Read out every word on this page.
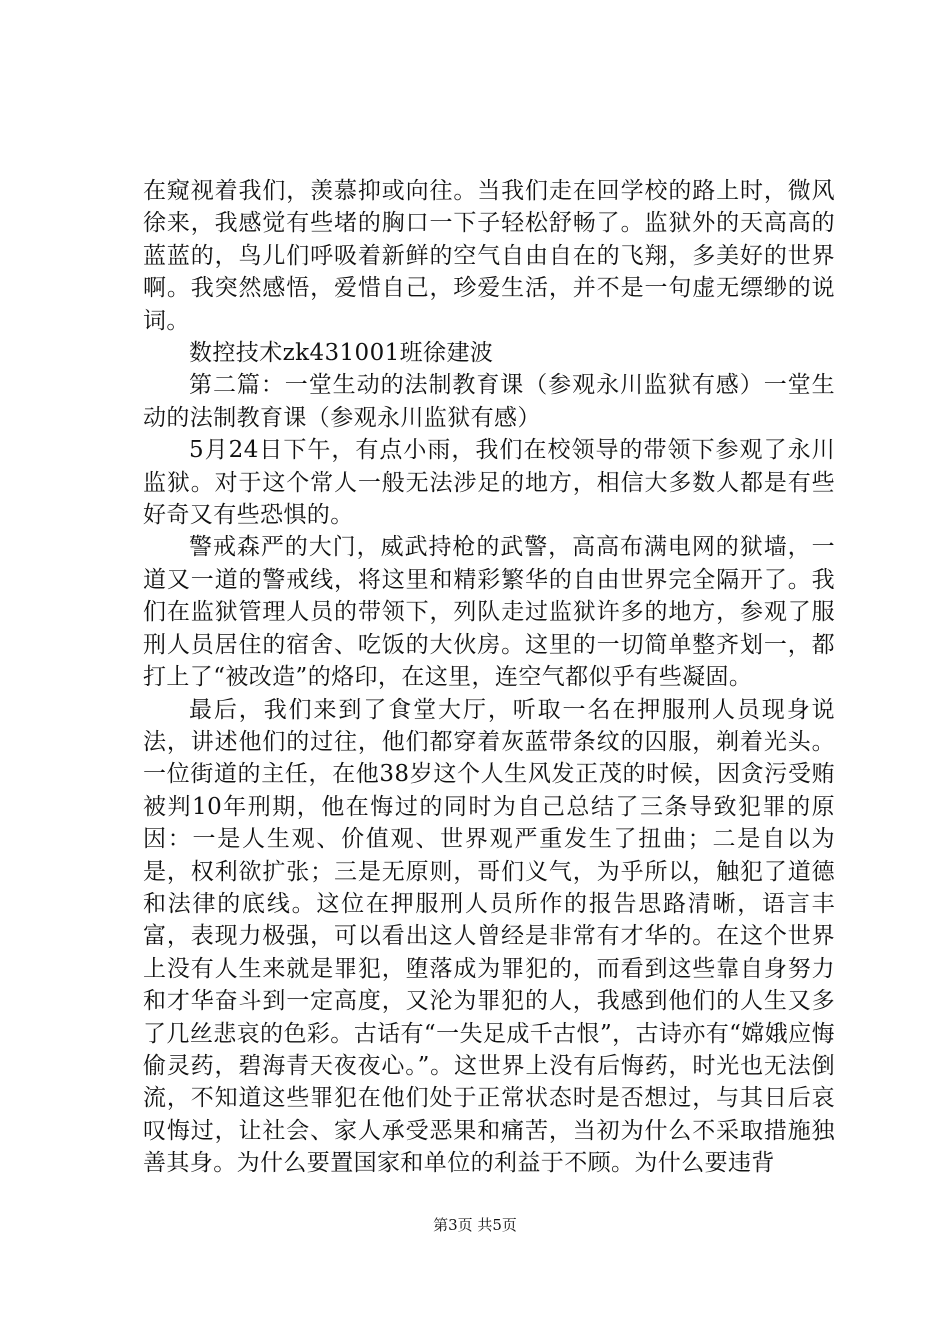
在窥视着我们，羡慕抑或向往。当我们走在回学校的路上时，微风徐来，我感觉有些堵的胸口一下子轻松舒畅了。监狱外的天高高的蓝蓝的，鸟儿们呼吸着新鲜的空气自由自在的飞翔，多美好的世界啊。我突然感悟，爱惜自己，珍爱生活，并不是一句虚无缥缈的说词。

数控技术zk431001班徐建波

第二篇：一堂生动的法制教育课（参观永川监狱有感）一堂生动的法制教育课（参观永川监狱有感）

5月24日下午，有点小雨，我们在校领导的带领下参观了永川监狱。对于这个常人一般无法涉足的地方，相信大多数人都是有些好奇又有些恐惧的。

警戒森严的大门，威武持枪的武警，高高布满电网的狱墙，一道又一道的警戒线，将这里和精彩繁华的自由世界完全隔开了。我们在监狱管理人员的带领下，列队走过监狱许多的地方，参观了服刑人员居住的宿舍、吃饭的大伙房。这里的一切简单整齐划一，都打上了“被改造”的烙印，在这里，连空气都似乎有些凝固。

最后，我们来到了食堂大厅，听取一名在押服刑人员现身说法，讲述他们的过往，他们都穿着灰蓝带条纹的囚服，剃着光头。一位街道的主任，在他38岁这个人生风发正茂的时候，因贪污受贿被判10年刑期，他在悔过的同时为自己总结了三条导致犯罪的原因：一是人生观、价值观、世界观严重发生了扭曲；二是自以为是，权利欲扩张；三是无原则，哥们义气，为乎所以，触犯了道德和法律的底线。这位在押服刑人员所作的报告思路清晰，语言丰富，表现力极强，可以看出这人曾经是非常有才华的。在这个世界上没有人生来就是罪犯，堕落成为罪犯的，而看到这些靠自身努力和才华奋斗到一定高度，又沦为罪犯的人，我感到他们的人生又多了几丝悲哀的色彩。古话有“一失足成千古恨”，古诗亦有“嫦娥应悔偷灵药，碧海青天夜夜心。”。这世界上没有后悔药，时光也无法倒流，不知道这些罪犯在他们处于正常状态时是否想过，与其日后哀叹悔过，让社会、家人承受恶果和痛苦，当初为什么不采取措施独善其身。为什么要置国家和单位的利益于不顾。为什么要违背

第3页 共5页
